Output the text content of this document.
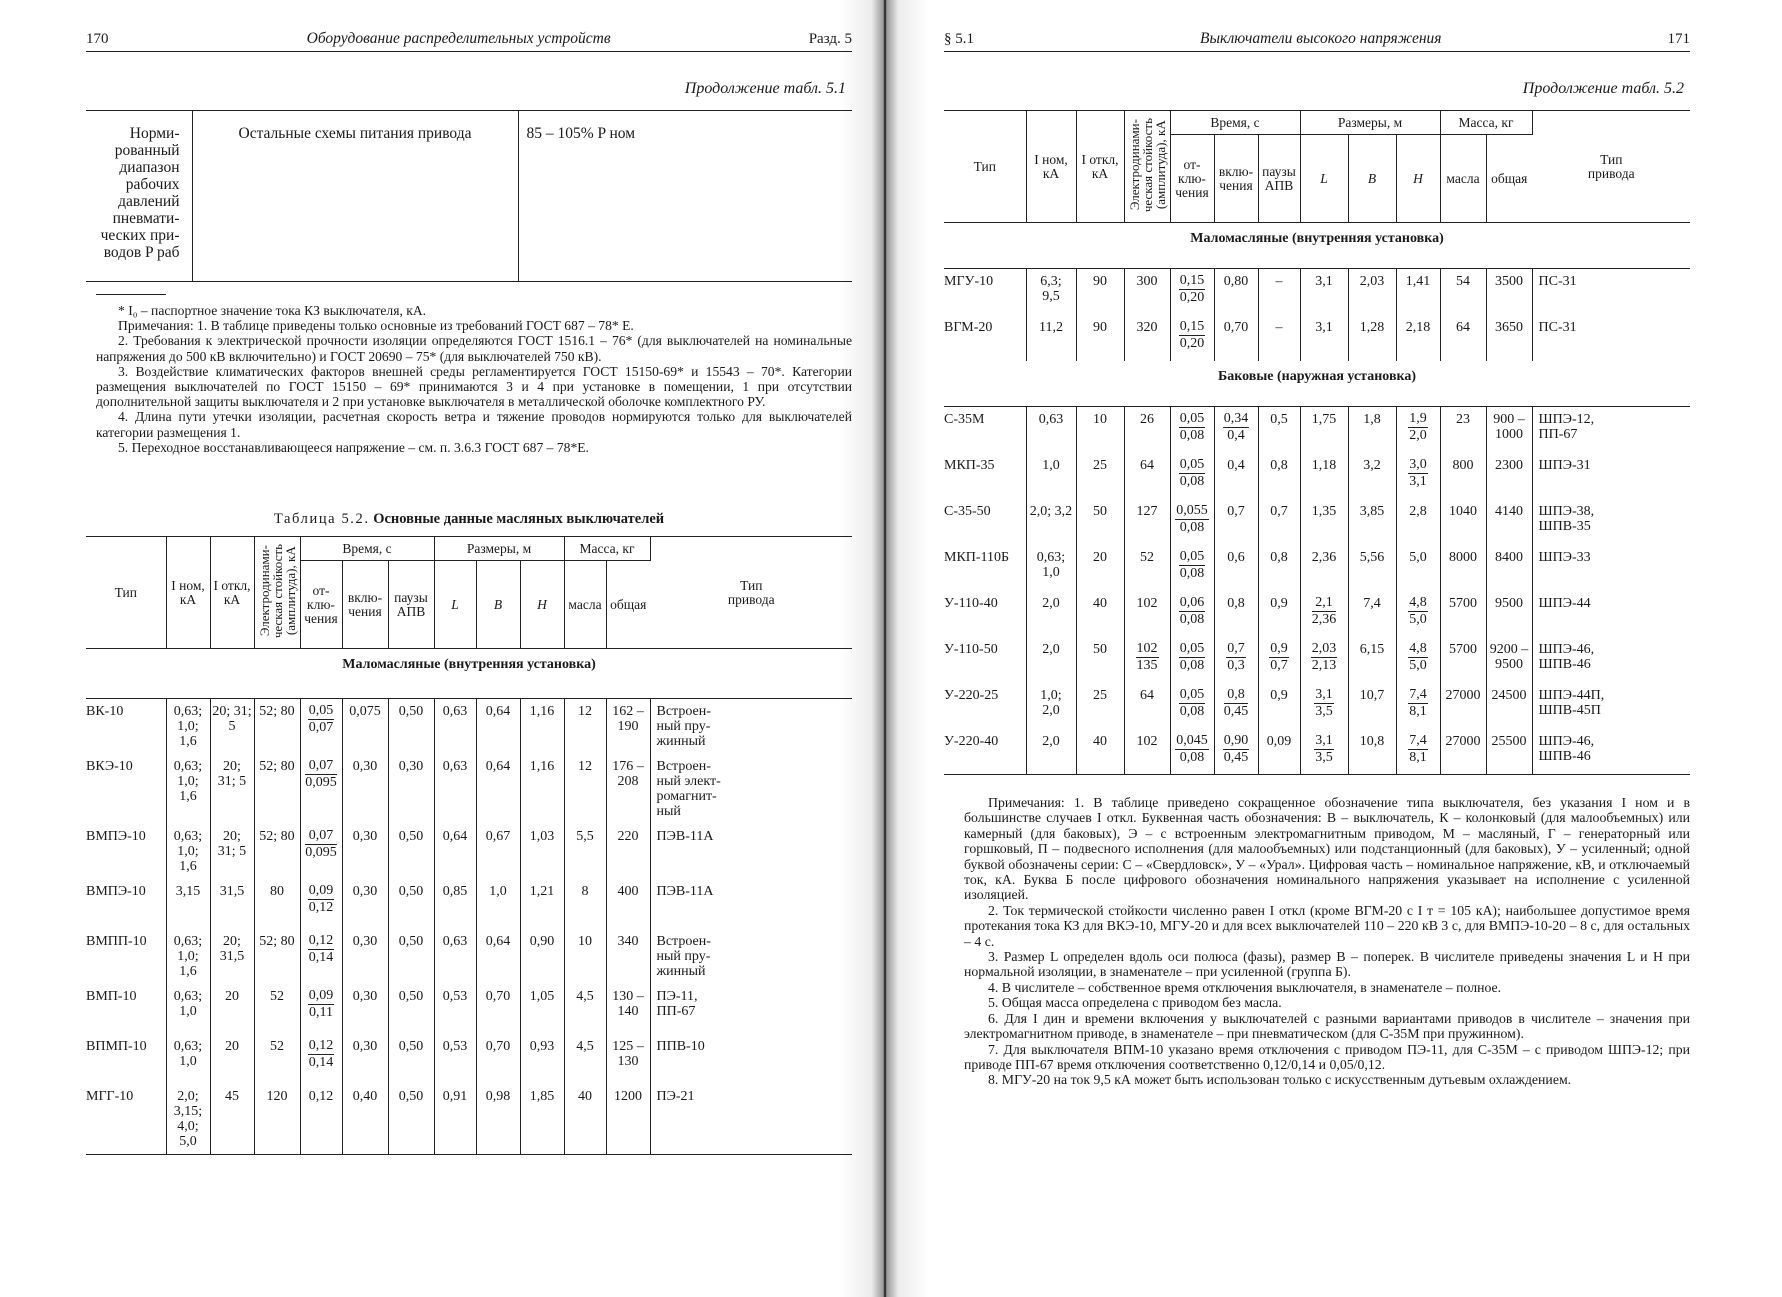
170	Оборудование распределительных устройств	Разд. 5
Продолжение табл. 5.1
Норми-
рованный
диапазон
рабочих
давлений
пневмати-
ческих при-
водов P раб	Остальные схемы питания привода	85 – 105% P ном

* I₀ – паспортное значение тока КЗ выключателя, кА.

Примечания: 1. В таблице приведены только основные из требований ГОСТ 687 – 78* Е.

2. Требования к электрической прочности изоляции определяются ГОСТ 1516.1 – 76* (для выключателей на номинальные напряжения до 500 кВ включительно) и ГОСТ 20690 – 75* (для выключателей 750 кВ).

3. Воздействие климатических факторов внешней среды регламентируется ГОСТ 15150-69* и 15543 – 70*. Категории размещения выключателей по ГОСТ 15150 – 69* принимаются 3 и 4 при установке в помещении, 1 при отсутствии дополнительной защиты выключателя и 2 при установке выключателя в металлической оболочке комплектного РУ.

4. Длина пути утечки изоляции, расчетная скорость ветра и тяжение проводов нормируются только для выключателей категории размещения 1.

5. Переходное восстанавливающееся напряжение – см. п. 3.6.3 ГОСТ 687 – 78*Е.

Таблица 5.2. Основные данные масляных выключателей
Тип	I ном, кА	I откл, кА	Электродинами-
ческая стойкость
(амплитуда), кА	Время, с			Размеры, м			Масса, кг		Тип
привода
				от-
клю-
чения	вклю-
чения	паузы
АПВ	L	B	H	масла	общая	
Маломасляные (внутренняя установка)												
ВК-10	0,63;
1,0;
1,6	20; 31;
5	52; 80	$\frac{0,05}{0,07}$	0,075	0,50	0,63	0,64	1,16	12	162 –
190	Встроен-
ный пру-
жинный
ВКЭ-10	0,63;
1,0;
1,6	20;
31; 5	52; 80	$\frac{0,07}{0,095}$	0,30	0,30	0,63	0,64	1,16	12	176 –
208	Встроен-
ный элект-
ромагнит-
ный
ВМПЭ-10	0,63;
1,0;
1,6	20;
31; 5	52; 80	$\frac{0,07}{0,095}$	0,30	0,50	0,64	0,67	1,03	5,5	220	ПЭВ-11А
ВМПЭ-10	3,15	31,5	80	$\frac{0,09}{0,12}$	0,30	0,50	0,85	1,0	1,21	8	400	ПЭВ-11А
ВМПП-10	0,63;
1,0;
1,6	20;
31,5	52; 80	$\frac{0,12}{0,14}$	0,30	0,50	0,63	0,64	0,90	10	340	Встроен-
ный пру-
жинный
ВМП-10	0,63;
1,0	20	52	$\frac{0,09}{0,11}$	0,30	0,50	0,53	0,70	1,05	4,5	130 –
140	ПЭ-11,
ПП-67
ВПМП-10	0,63;
1,0	20	52	$\frac{0,12}{0,14}$	0,30	0,50	0,53	0,70	0,93	4,5	125 –
130	ППВ-10
МГГ-10	2,0;
3,15;
4,0;
5,0	45	120	0,12	0,40	0,50	0,91	0,98	1,85	40	1200	ПЭ-21
§ 5.1	Выключатели высокого напряжения	171
Продолжение табл. 5.2
Тип	I ном, кА	I откл, кА	Электродинами-
ческая стойкость
(амплитуда), кА	Время, с			Размеры, м			Масса, кг		Тип
привода
				от-
клю-
чения	вклю-
чения	паузы
АПВ	L	B	H	масла	общая	
Маломасляные (внутренняя установка)												
МГУ-10	6,3;
9,5	90	300	$\frac{0,15}{0,20}$	0,80	–	3,1	2,03	1,41	54	3500	ПС-31
ВГМ-20	11,2	90	320	$\frac{0,15}{0,20}$	0,70	–	3,1	1,28	2,18	64	3650	ПС-31
Баковые (наружная установка)												
С-35М	0,63	10	26	$\frac{0,05}{0,08}$	$\frac{0,34}{0,4}$	0,5	1,75	1,8	$\frac{1,9}{2,0}$	23	900 –
1000	ШПЭ-12,
ПП-67
МКП-35	1,0	25	64	$\frac{0,05}{0,08}$	0,4	0,8	1,18	3,2	$\frac{3,0}{3,1}$	800	2300	ШПЭ-31
С-35-50	2,0; 3,2	50	127	$\frac{0,055}{0,08}$	0,7	0,7	1,35	3,85	2,8	1040	4140	ШПЭ-38,
ШПВ-35
МКП-110Б	0,63;
1,0	20	52	$\frac{0,05}{0,08}$	0,6	0,8	2,36	5,56	5,0	8000	8400	ШПЭ-33
У-110-40	2,0	40	102	$\frac{0,06}{0,08}$	0,8	0,9	$\frac{2,1}{2,36}$	7,4	$\frac{4,8}{5,0}$	5700	9500	ШПЭ-44
У-110-50	2,0	50	$\frac{102}{135}$	$\frac{0,05}{0,08}$	$\frac{0,7}{0,3}$	$\frac{0,9}{0,7}$	$\frac{2,03}{2,13}$	6,15	$\frac{4,8}{5,0}$	5700	9200 –
9500	ШПЭ-46,
ШПВ-46
У-220-25	1,0;
2,0	25	64	$\frac{0,05}{0,08}$	$\frac{0,8}{0,45}$	0,9	$\frac{3,1}{3,5}$	10,7	$\frac{7,4}{8,1}$	27000	24500	ШПЭ-44П,
ШПВ-45П
У-220-40	2,0	40	102	$\frac{0,045}{0,08}$	$\frac{0,90}{0,45}$	0,09	$\frac{3,1}{3,5}$	10,8	$\frac{7,4}{8,1}$	27000	25500	ШПЭ-46,
ШПВ-46

Примечания: 1. В таблице приведено сокращенное обозначение типа выключателя, без указания I ном и в большинстве случаев I откл. Буквенная часть обозначения: В – выключатель, К – колонковый (для малообъемных) или камерный (для баковых), Э – с встроенным электромагнитным приводом, М – масляный, Г – генераторный или горшковый, П – подвесного исполнения (для малообъемных) или подстанционный (для баковых), У – усиленный; одной буквой обозначены серии: С – «Свердловск», У – «Урал». Цифровая часть – номинальное напряжение, кВ, и отключаемый ток, кА. Буква Б после цифрового обозначения номинального напряжения указывает на исполнение с усиленной изоляцией.

2. Ток термической стойкости численно равен I откл (кроме ВГМ-20 с I т = 105 кА); наибольшее допустимое время протекания тока КЗ для ВКЭ-10, МГУ-20 и для всех выключателей 110 – 220 кВ 3 с, для ВМПЭ-10-20 – 8 с, для остальных – 4 с.

3. Размер L определен вдоль оси полюса (фазы), размер B – поперек. В числителе приведены значения L и H при нормальной изоляции, в знаменателе – при усиленной (группа Б).

4. В числителе – собственное время отключения выключателя, в знаменателе – полное.

5. Общая масса определена с приводом без масла.

6. Для I дин и времени включения у выключателей с разными вариантами приводов в числителе – значения при электромагнитном приводе, в знаменателе – при пневматическом (для С-35М при пружинном).

7. Для выключателя ВПМ-10 указано время отключения с приводом ПЭ-11, для С-35М – с приводом ШПЭ-12; при приводе ПП-67 время отключения соответственно 0,12/0,14 и 0,05/0,12.

8. МГУ-20 на ток 9,5 кА может быть использован только с искусственным дутьевым охлаждением.
